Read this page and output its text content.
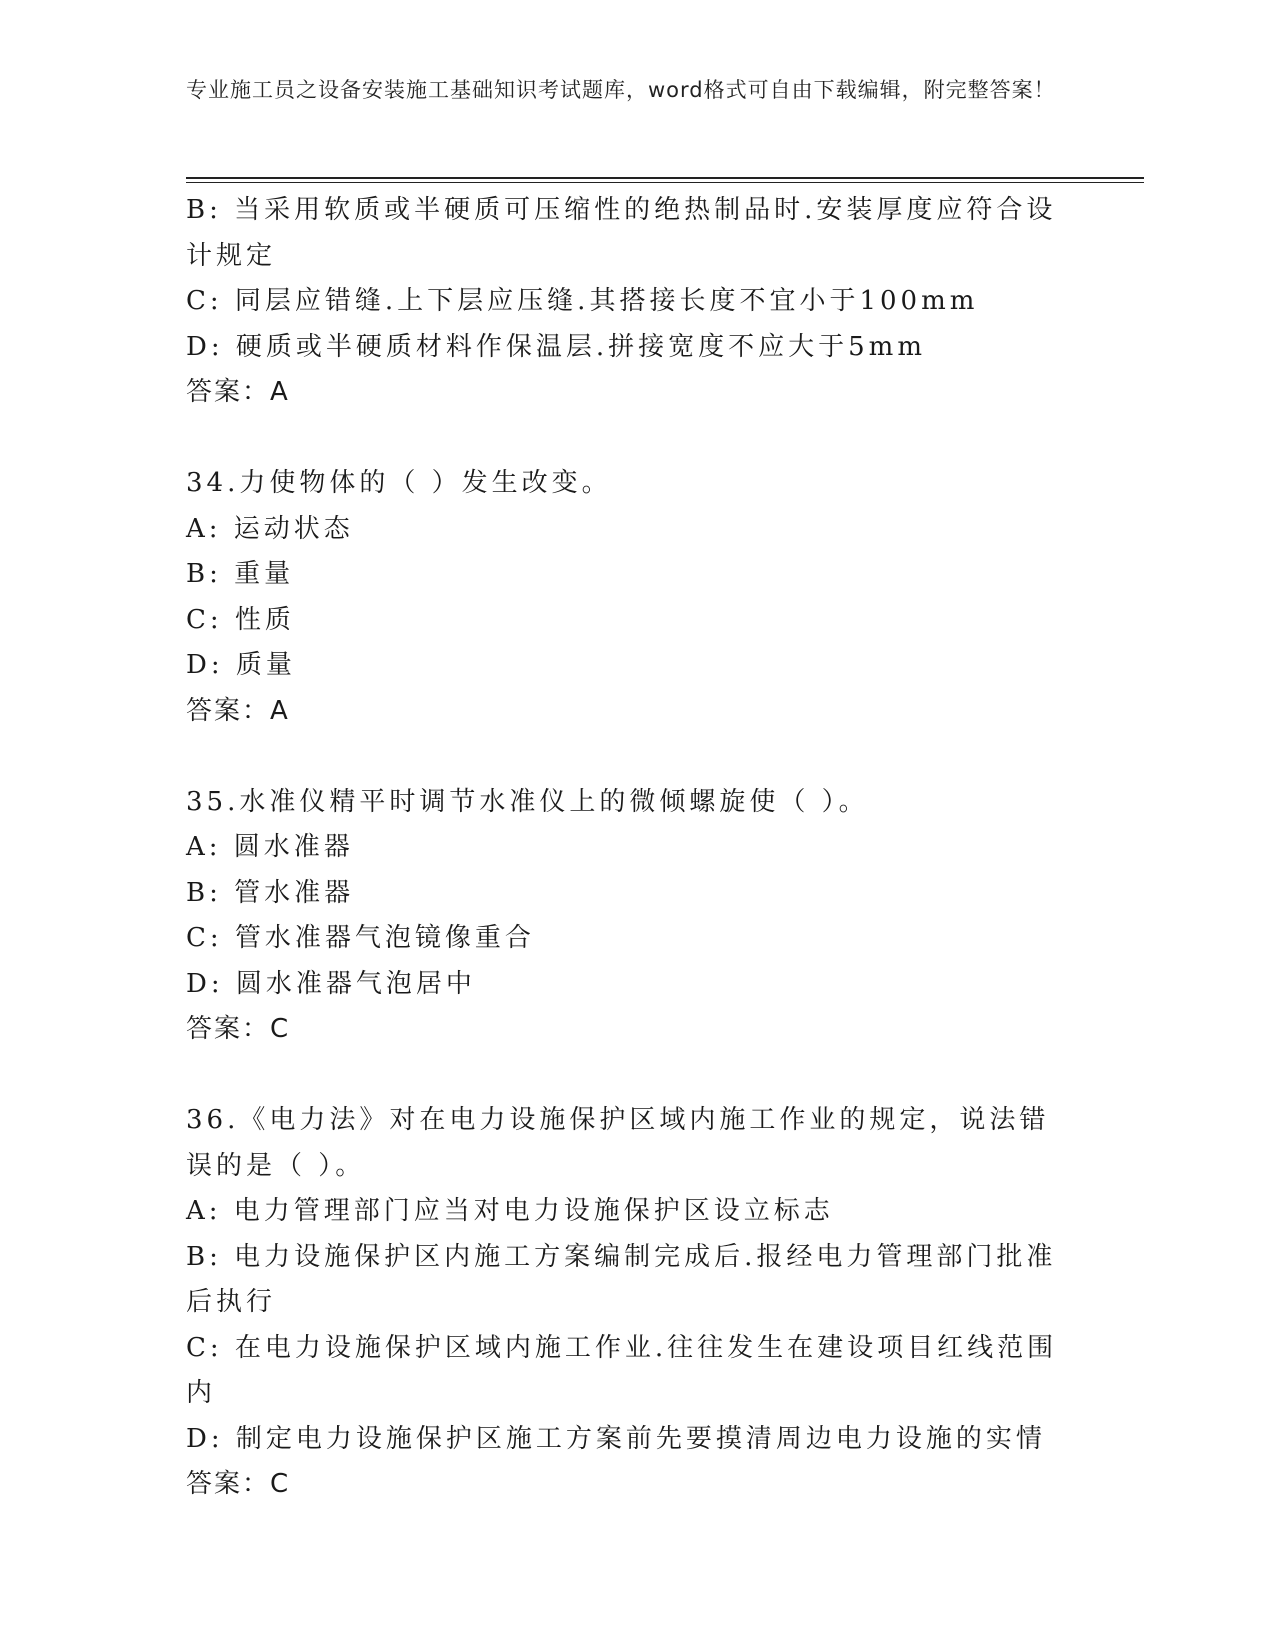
专业施工员之设备安装施工基础知识考试题库，word格式可自由下载编辑，附完整答案！
B: 当采用软质或半硬质可压缩性的绝热制品时.安装厚度应符合设计规定
C: 同层应错缝.上下层应压缝.其搭接长度不宜小于100mm
D: 硬质或半硬质材料作保温层.拼接宽度不应大于5mm
答案：A
34.力使物体的（ ）发生改变。
A: 运动状态
B: 重量
C: 性质
D: 质量
答案：A
35.水准仪精平时调节水准仪上的微倾螺旋使（ ）。
A: 圆水准器
B: 管水准器
C: 管水准器气泡镜像重合
D: 圆水准器气泡居中
答案：C
36.《电力法》对在电力设施保护区域内施工作业的规定，说法错误的是（ ）。
A: 电力管理部门应当对电力设施保护区设立标志
B: 电力设施保护区内施工方案编制完成后.报经电力管理部门批准后执行
C: 在电力设施保护区域内施工作业.往往发生在建设项目红线范围内
D: 制定电力设施保护区施工方案前先要摸清周边电力设施的实情
答案：C
